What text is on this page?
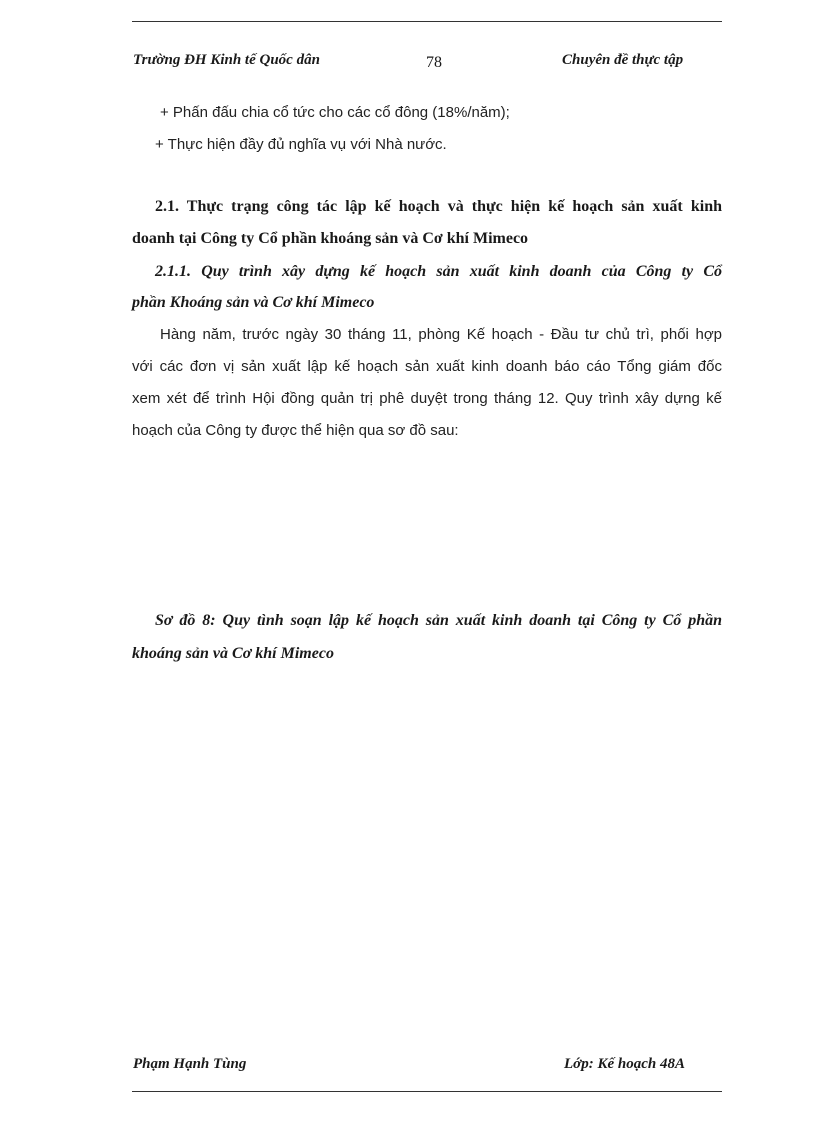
Trường ĐH Kinh tế Quốc dân	78	Chuyên đề thực tập
+ Phấn đấu chia cổ tức cho các cổ đông (18%/năm);
+ Thực hiện đầy đủ nghĩa vụ với Nhà nước.
2.1. Thực trạng công tác lập kế hoạch và thực hiện kế hoạch sản xuất kinh
doanh tại Công ty Cổ phần khoáng sản và Cơ khí Mimeco
2.1.1. Quy trình xây dựng kế hoạch sản xuất kinh doanh của Công ty Cổ
phần Khoáng sản và Cơ khí Mimeco
Hàng năm, trước ngày 30 tháng 11, phòng Kế hoạch - Đầu tư chủ trì, phối hợp
với các đơn vị sản xuất lập kế hoạch sản xuất kinh doanh báo cáo Tổng giám đốc
xem xét để trình Hội đồng quản trị phê duyệt trong tháng 12. Quy trình xây dựng kế
hoạch của Công ty được thể hiện qua sơ đồ sau:
Sơ đồ 8: Quy tình soạn lập kế hoạch sản xuất kinh doanh tại Công ty Cổ phần
khoáng sản và Cơ khí Mimeco
Phạm Hạnh Tùng	Lớp: Kế hoạch 48A
